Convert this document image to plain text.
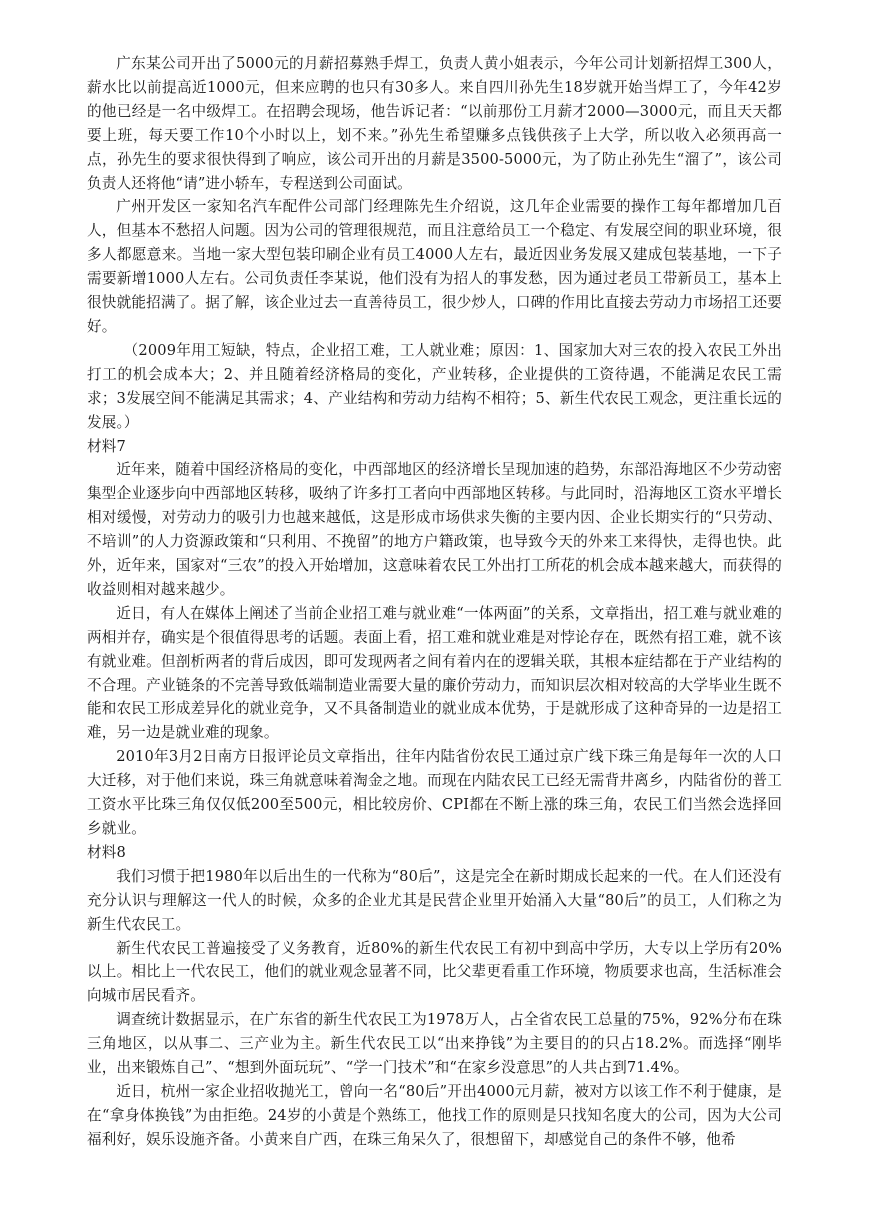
广东某公司开出了5000元的月薪招募熟手焊工，负责人黄小姐表示，今年公司计划新招焊工300人，薪水比以前提高近1000元，但来应聘的也只有30多人。来自四川孙先生18岁就开始当焊工了，今年42岁的他已经是一名中级焊工。在招聘会现场，他告诉记者：“以前那份工月薪才2000—3000元，而且天天都要上班，每天要工作10个小时以上，划不来。”孙先生希望赚多点钱供孩子上大学，所以收入必须再高一点，孙先生的要求很快得到了响应，该公司开出的月薪是3500-5000元，为了防止孙先生“溜了”，该公司负责人还将他“请”进小轿车，专程送到公司面试。

广州开发区一家知名汽车配件公司部门经理陈先生介绍说，这几年企业需要的操作工每年都增加几百人，但基本不愁招人问题。因为公司的管理很规范，而且注意给员工一个稳定、有发展空间的职业环境，很多人都愿意来。当地一家大型包装印刷企业有员工4000人左右，最近因业务发展又建成包装基地，一下子需要新增1000人左右。公司负责任李某说，他们没有为招人的事发愁，因为通过老员工带新员工，基本上很快就能招满了。据了解，该企业过去一直善待员工，很少炒人，口碑的作用比直接去劳动力市场招工还要好。

（2009年用工短缺，特点，企业招工难，工人就业难；原因：1、国家加大对三农的投入农民工外出打工的机会成本大；2、并且随着经济格局的变化，产业转移，企业提供的工资待遇，不能满足农民工需求；3发展空间不能满足其需求；4、产业结构和劳动力结构不相符；5、新生代农民工观念，更注重长远的发展。）

材料7

近年来，随着中国经济格局的变化，中西部地区的经济增长呈现加速的趋势，东部沿海地区不少劳动密集型企业逐步向中西部地区转移，吸纳了许多打工者向中西部地区转移。与此同时，沿海地区工资水平增长相对缓慢，对劳动力的吸引力也越来越低，这是形成市场供求失衡的主要内因、企业长期实行的“只劳动、不培训”的人力资源政策和“只利用、不挽留”的地方户籍政策，也导致今天的外来工来得快，走得也快。此外，近年来，国家对“三农”的投入开始增加，这意味着农民工外出打工所花的机会成本越来越大，而获得的收益则相对越来越少。

近日，有人在媒体上阐述了当前企业招工难与就业难“一体两面”的关系，文章指出，招工难与就业难的两相并存，确实是个很值得思考的话题。表面上看，招工难和就业难是对悖论存在，既然有招工难，就不该有就业难。但剖析两者的背后成因，即可发现两者之间有着内在的逻辑关联，其根本症结都在于产业结构的不合理。产业链条的不完善导致低端制造业需要大量的廉价劳动力，而知识层次相对较高的大学毕业生既不能和农民工形成差异化的就业竞争，又不具备制造业的就业成本优势，于是就形成了这种奇异的一边是招工难，另一边是就业难的现象。

2010年3月2日南方日报评论员文章指出，往年内陆省份农民工通过京广线下珠三角是每年一次的人口大迁移，对于他们来说，珠三角就意味着淘金之地。而现在内陆农民工已经无需背井离乡，内陆省份的普工工资水平比珠三角仅仅低200至500元，相比较房价、CPI都在不断上涨的珠三角，农民工们当然会选择回乡就业。

材料8

我们习惯于把1980年以后出生的一代称为“80后”，这是完全在新时期成长起来的一代。在人们还没有充分认识与理解这一代人的时候，众多的企业尤其是民营企业里开始涌入大量“80后”的员工，人们称之为新生代农民工。

新生代农民工普遍接受了义务教育，近80%的新生代农民工有初中到高中学历，大专以上学历有20%以上。相比上一代农民工，他们的就业观念显著不同，比父辈更看重工作环境，物质要求也高，生活标准会向城市居民看齐。

调查统计数据显示，在广东省的新生代农民工为1978万人，占全省农民工总量的75%，92%分布在珠三角地区，以从事二、三产业为主。新生代农民工以“出来挣钱”为主要目的的只占18.2%。而选择“刚毕业，出来锻炼自己”、“想到外面玩玩”、“学一门技术”和“在家乡没意思”的人共占到71.4%。

近日，杭州一家企业招收抛光工，曾向一名“80后”开出4000元月薪，被对方以该工作不利于健康，是在“拿身体换钱”为由拒绝。24岁的小黄是个熟练工，他找工作的原则是只找知名度大的公司，因为大公司福利好，娱乐设施齐备。小黄来自广西，在珠三角呆久了，很想留下，却感觉自己的条件不够，他希
